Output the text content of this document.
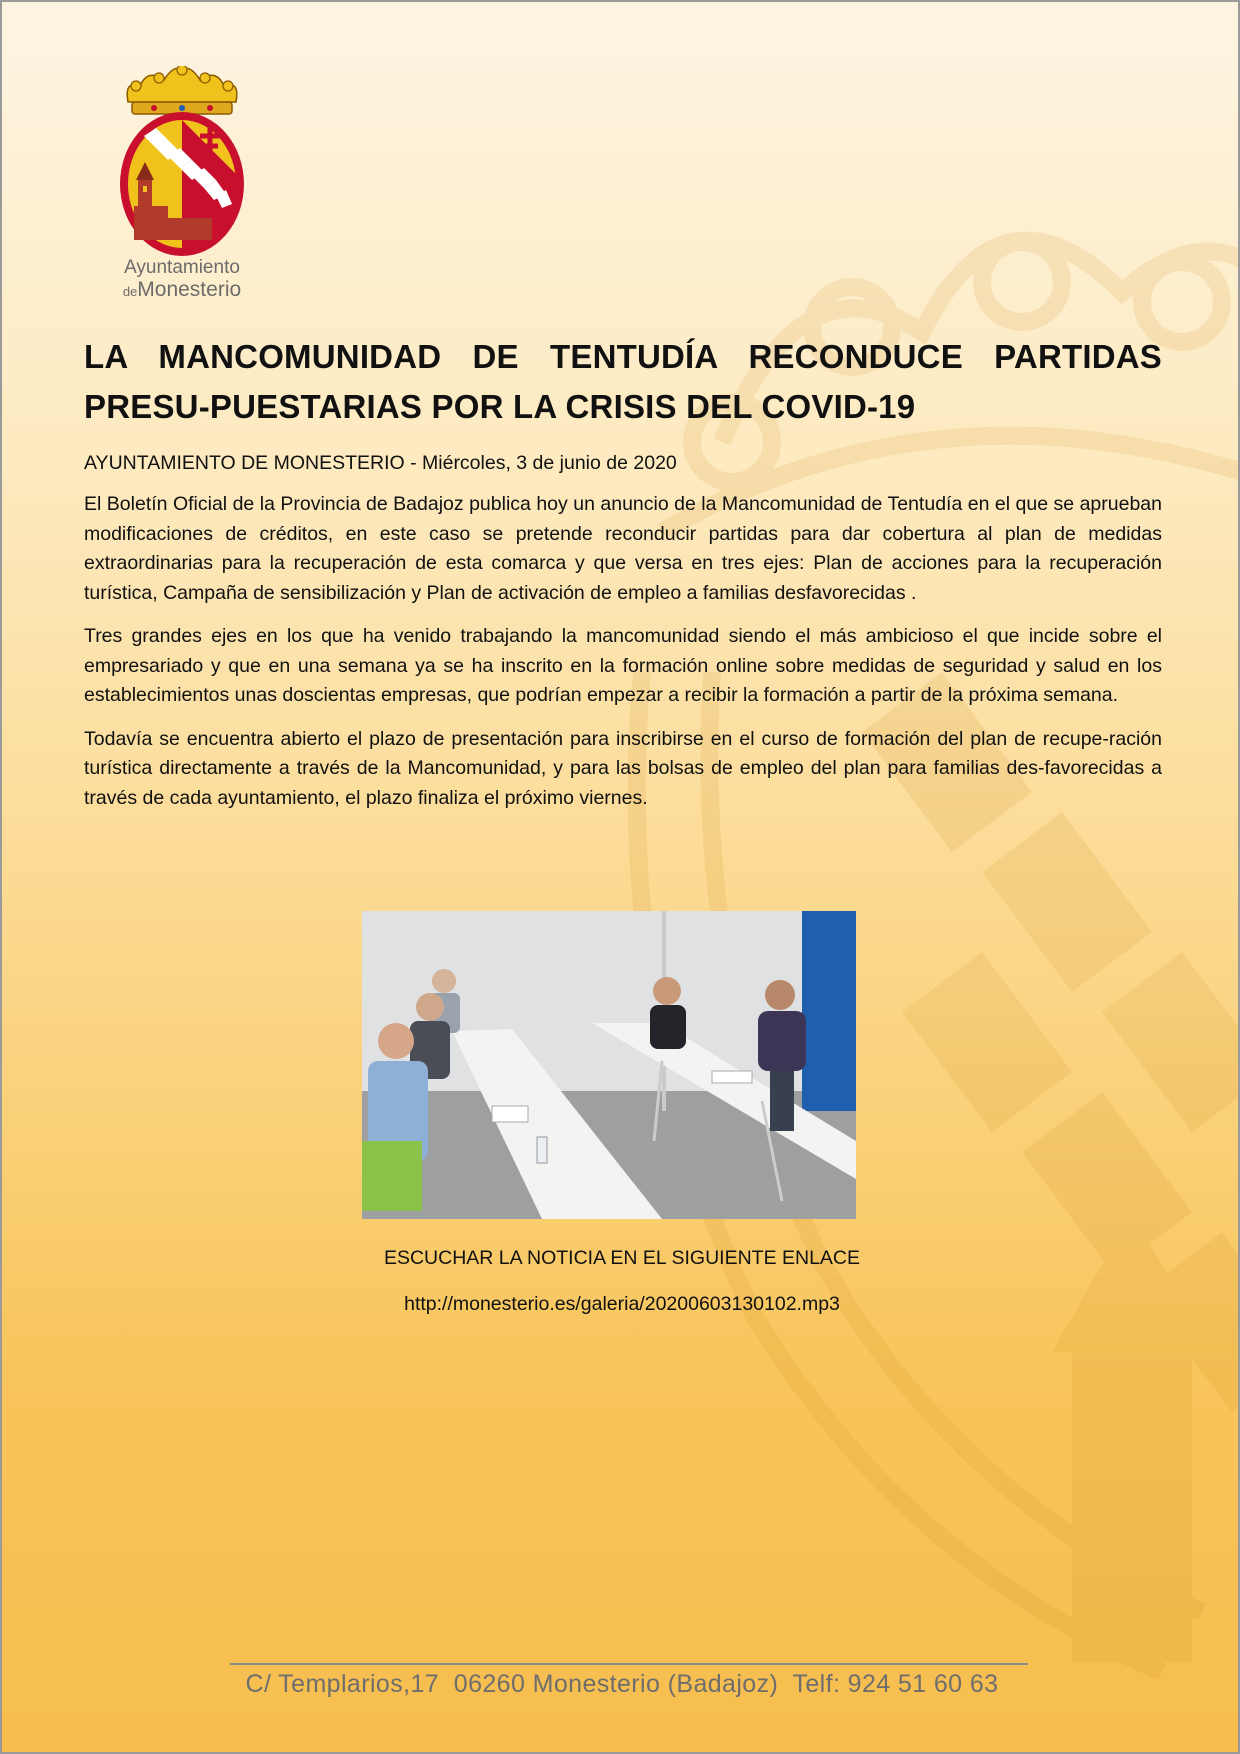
Ayuntamiento
deMonesterio
LA MANCOMUNIDAD DE TENTUDÍA RECONDUCE PARTIDAS PRESU-PUESTARIAS POR LA CRISIS DEL COVID-19

AYUNTAMIENTO DE MONESTERIO - Miércoles, 3 de junio de 2020

El Boletín Oficial de la Provincia de Badajoz publica hoy un anuncio de la Mancomunidad de Tentudía en el que se aprueban modificaciones de créditos, en este caso se pretende reconducir partidas para dar cobertura al plan de medidas extraordinarias para la recuperación de esta comarca y que versa en tres ejes: Plan de acciones para la recuperación turística, Campaña de sensibilización y Plan de activación de empleo a familias desfavorecidas .

Tres grandes ejes en los que ha venido trabajando la mancomunidad siendo el más ambicioso el que incide sobre el empresariado y que en una semana ya se ha inscrito en la formación online sobre medidas de seguridad y salud en los establecimientos unas doscientas empresas, que podrían empezar a recibir la formación a partir de la próxima semana.

Todavía se encuentra abierto el plazo de presentación para inscribirse en el curso de formación del plan de recupe-ración turística directamente a través de la Mancomunidad, y para las bolsas de empleo del plan para familias des-favorecidas a través de cada ayuntamiento, el plazo finaliza el próximo viernes.

ESCUCHAR LA NOTICIA EN EL SIGUIENTE ENLACE
http://monesterio.es/galeria/20200603130102.mp3
C/ Templarios,17  06260 Monesterio (Badajoz)  Telf: 924 51 60 63
